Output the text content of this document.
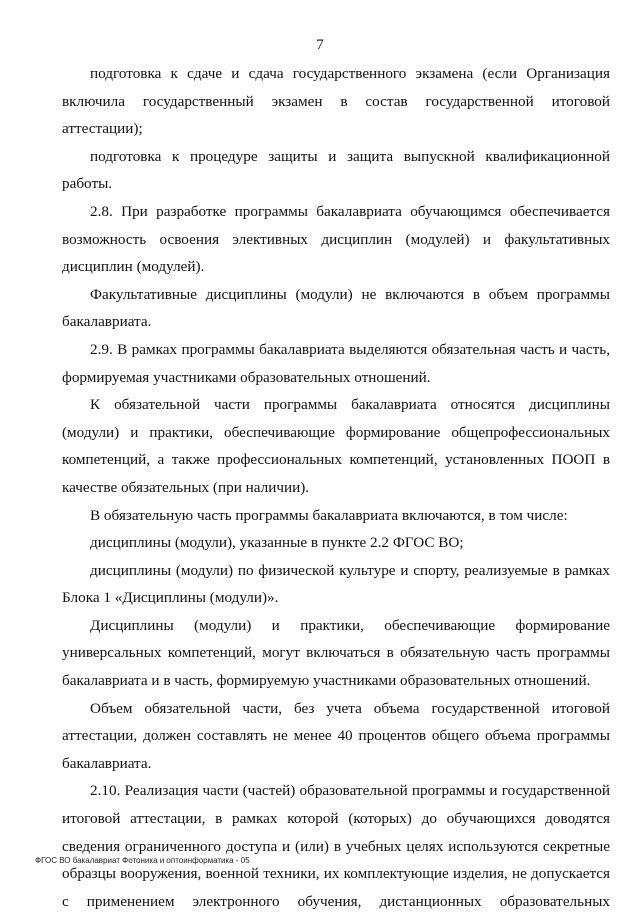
7

подготовка к сдаче и сдача государственного экзамена (если Организация включила государственный экзамен в состав государственной итоговой аттестации);

подготовка к процедуре защиты и защита выпускной квалификационной работы.

2.8. При разработке программы бакалавриата обучающимся обеспечивается возможность освоения элективных дисциплин (модулей) и факультативных дисциплин (модулей).

Факультативные дисциплины (модули) не включаются в объем программы бакалавриата.

2.9. В рамках программы бакалавриата выделяются обязательная часть и часть, формируемая участниками образовательных отношений.

К обязательной части программы бакалавриата относятся дисциплины (модули) и практики, обеспечивающие формирование общепрофессиональных компетенций, а также профессиональных компетенций, установленных ПООП в качестве обязательных (при наличии).

В обязательную часть программы бакалавриата включаются, в том числе:

дисциплины (модули), указанные в пункте 2.2 ФГОС ВО;

дисциплины (модули) по физической культуре и спорту, реализуемые в рамках Блока 1 «Дисциплины (модули)».

Дисциплины (модули) и практики, обеспечивающие формирование универсальных компетенций, могут включаться в обязательную часть программы бакалавриата и в часть, формируемую участниками образовательных отношений.

Объем обязательной части, без учета объема государственной итоговой аттестации, должен составлять не менее 40 процентов общего объема программы бакалавриата.

2.10. Реализация части (частей) образовательной программы и государственной итоговой аттестации, в рамках которой (которых) до обучающихся доводятся сведения ограниченного доступа и (или) в учебных целях используются секретные образцы вооружения, военной техники, их комплектующие изделия, не допускается с применением электронного обучения, дистанционных образовательных

ФГОС ВО бакалавриат Фотоника и оптоинформатика - 05
